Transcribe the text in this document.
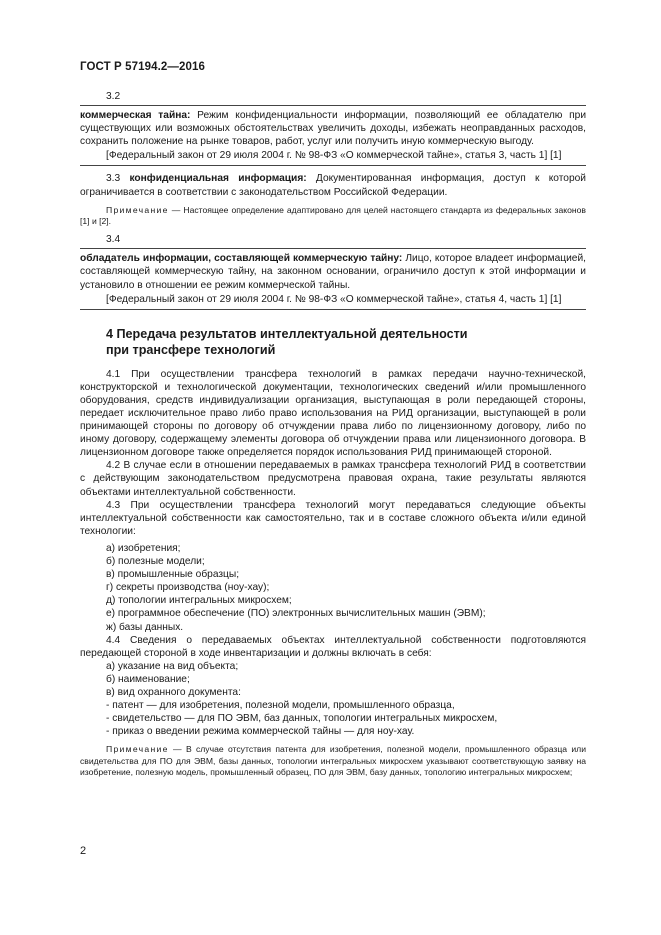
ГОСТ Р 57194.2—2016

3.2

коммерческая тайна: Режим конфиденциальности информации, позволяющий ее обладателю при существующих или возможных обстоятельствах увеличить доходы, избежать неоправданных расходов, сохранить положение на рынке товаров, работ, услуг или получить иную коммерческую выгоду.

[Федеральный закон от 29 июля 2004 г. № 98-ФЗ «О коммерческой тайне», статья 3, часть 1] [1]

3.3 конфиденциальная информация: Документированная информация, доступ к которой ограничивается в соответствии с законодательством Российской Федерации.

Примечание — Настоящее определение адаптировано для целей настоящего стандарта из федеральных законов [1] и [2].

3.4

обладатель информации, составляющей коммерческую тайну: Лицо, которое владеет информацией, составляющей коммерческую тайну, на законном основании, ограничило доступ к этой информации и установило в отношении ее режим коммерческой тайны.

[Федеральный закон от 29 июля 2004 г. № 98-ФЗ «О коммерческой тайне», статья 4, часть 1] [1]

4 Передача результатов интеллектуальной деятельности
при трансфере технологий

4.1 При осуществлении трансфера технологий в рамках передачи научно-технической, конструкторской и технологической документации, технологических сведений и/или промышленного оборудования, средств индивидуализации организация, выступающая в роли передающей стороны, передает исключительное право либо право использования на РИД организации, выступающей в роли принимающей стороны по договору об отчуждении права либо по лицензионному договору, либо по иному договору, содержащему элементы договора об отчуждении права или лицензионного договора. В лицензионном договоре также определяется порядок использования РИД принимающей стороной.

4.2 В случае если в отношении передаваемых в рамках трансфера технологий РИД в соответствии с действующим законодательством предусмотрена правовая охрана, такие результаты являются объектами интеллектуальной собственности.

4.3 При осуществлении трансфера технологий могут передаваться следующие объекты интеллектуальной собственности как самостоятельно, так и в составе сложного объекта и/или единой технологии:

а) изобретения;

б) полезные модели;

в) промышленные образцы;

г) секреты производства (ноу-хау);

д) топологии интегральных микросхем;

е) программное обеспечение (ПО) электронных вычислительных машин (ЭВМ);

ж) базы данных.

4.4 Сведения о передаваемых объектах интеллектуальной собственности подготовляются передающей стороной в ходе инвентаризации и должны включать в себя:

а) указание на вид объекта;

б) наименование;

в) вид охранного документа:

- патент — для изобретения, полезной модели, промышленного образца,

- свидетельство — для ПО ЭВМ, баз данных, топологии интегральных микросхем,

- приказ о введении режима коммерческой тайны — для ноу-хау.

Примечание — В случае отсутствия патента для изобретения, полезной модели, промышленного образца или свидетельства для ПО для ЭВМ, базы данных, топологии интегральных микросхем указывают соответствующую заявку на изобретение, полезную модель, промышленный образец, ПО для ЭВМ, базу данных, топологию интегральных микросхем;

2
